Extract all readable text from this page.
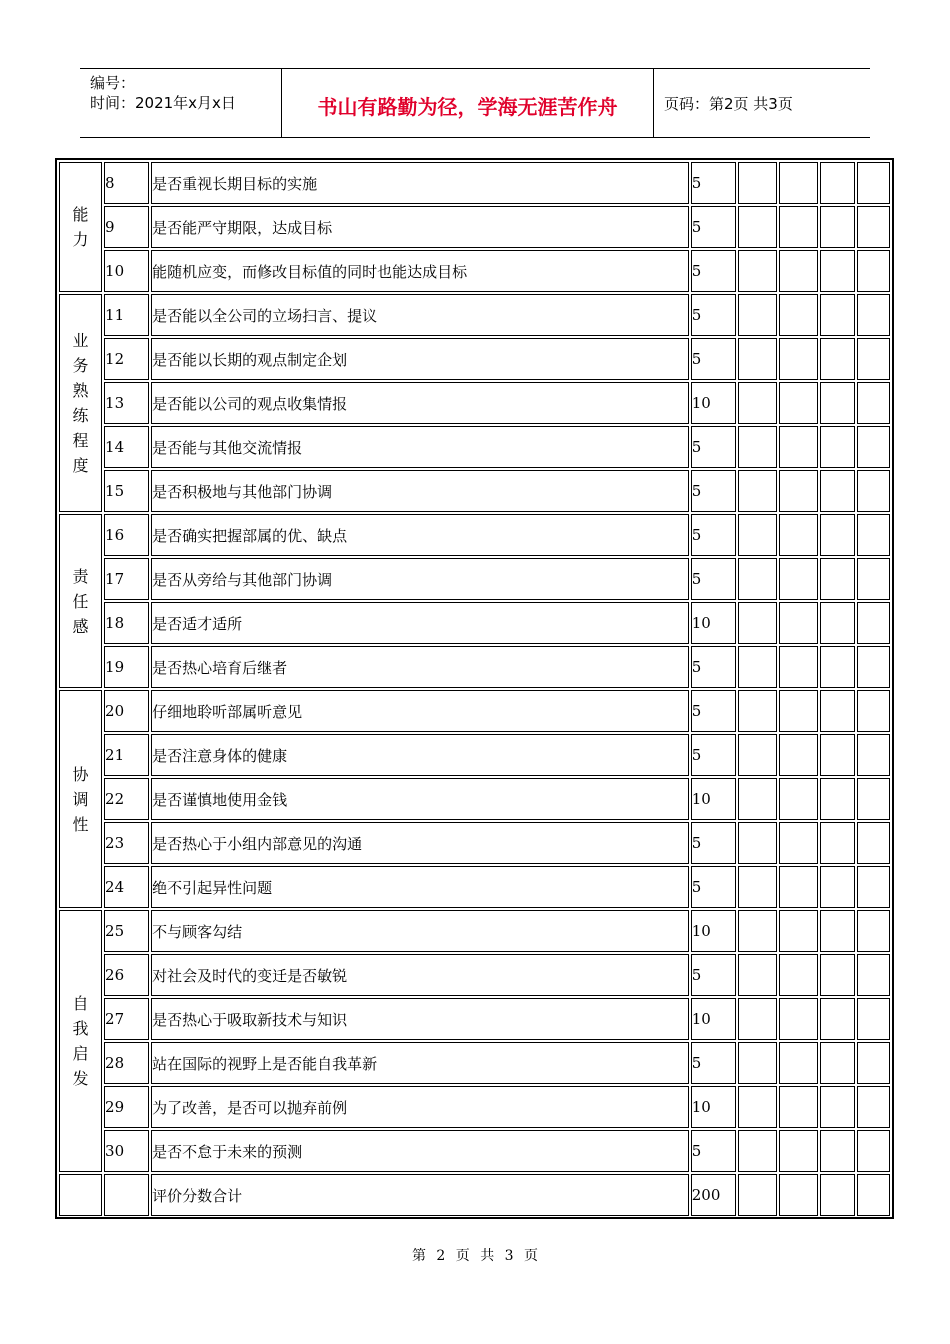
编号：
时间：2021年x月x日	书山有路勤为径，学海无涯苦作舟	页码：第2页 共3页
能力	8	是否重视长期目标的实施	5				
	9	是否能严守期限，达成目标	5				
	10	能随机应变，而修改目标值的同时也能达成目标	5				
业务熟练程度	11	是否能以全公司的立场扫言、提议	5				
	12	是否能以长期的观点制定企划	5				
	13	是否能以公司的观点收集情报	10				
	14	是否能与其他交流情报	5				
	15	是否积极地与其他部门协调	5				
责任感	16	是否确实把握部属的优、缺点	5				
	17	是否从旁给与其他部门协调	5				
	18	是否适才适所	10				
	19	是否热心培育后继者	5				
协调性	20	仔细地聆听部属听意见	5				
	21	是否注意身体的健康	5				
	22	是否谨慎地使用金钱	10				
	23	是否热心于小组内部意见的沟通	5				
	24	绝不引起异性问题	5				
自我启发	25	不与顾客勾结	10				
	26	对社会及时代的变迁是否敏锐	5				
	27	是否热心于吸取新技术与知识	10				
	28	站在国际的视野上是否能自我革新	5				
	29	为了改善，是否可以抛弃前例	10				
	30	是否不怠于未来的预测	5				
		评价分数合计	200				
第 2 页 共 3 页
